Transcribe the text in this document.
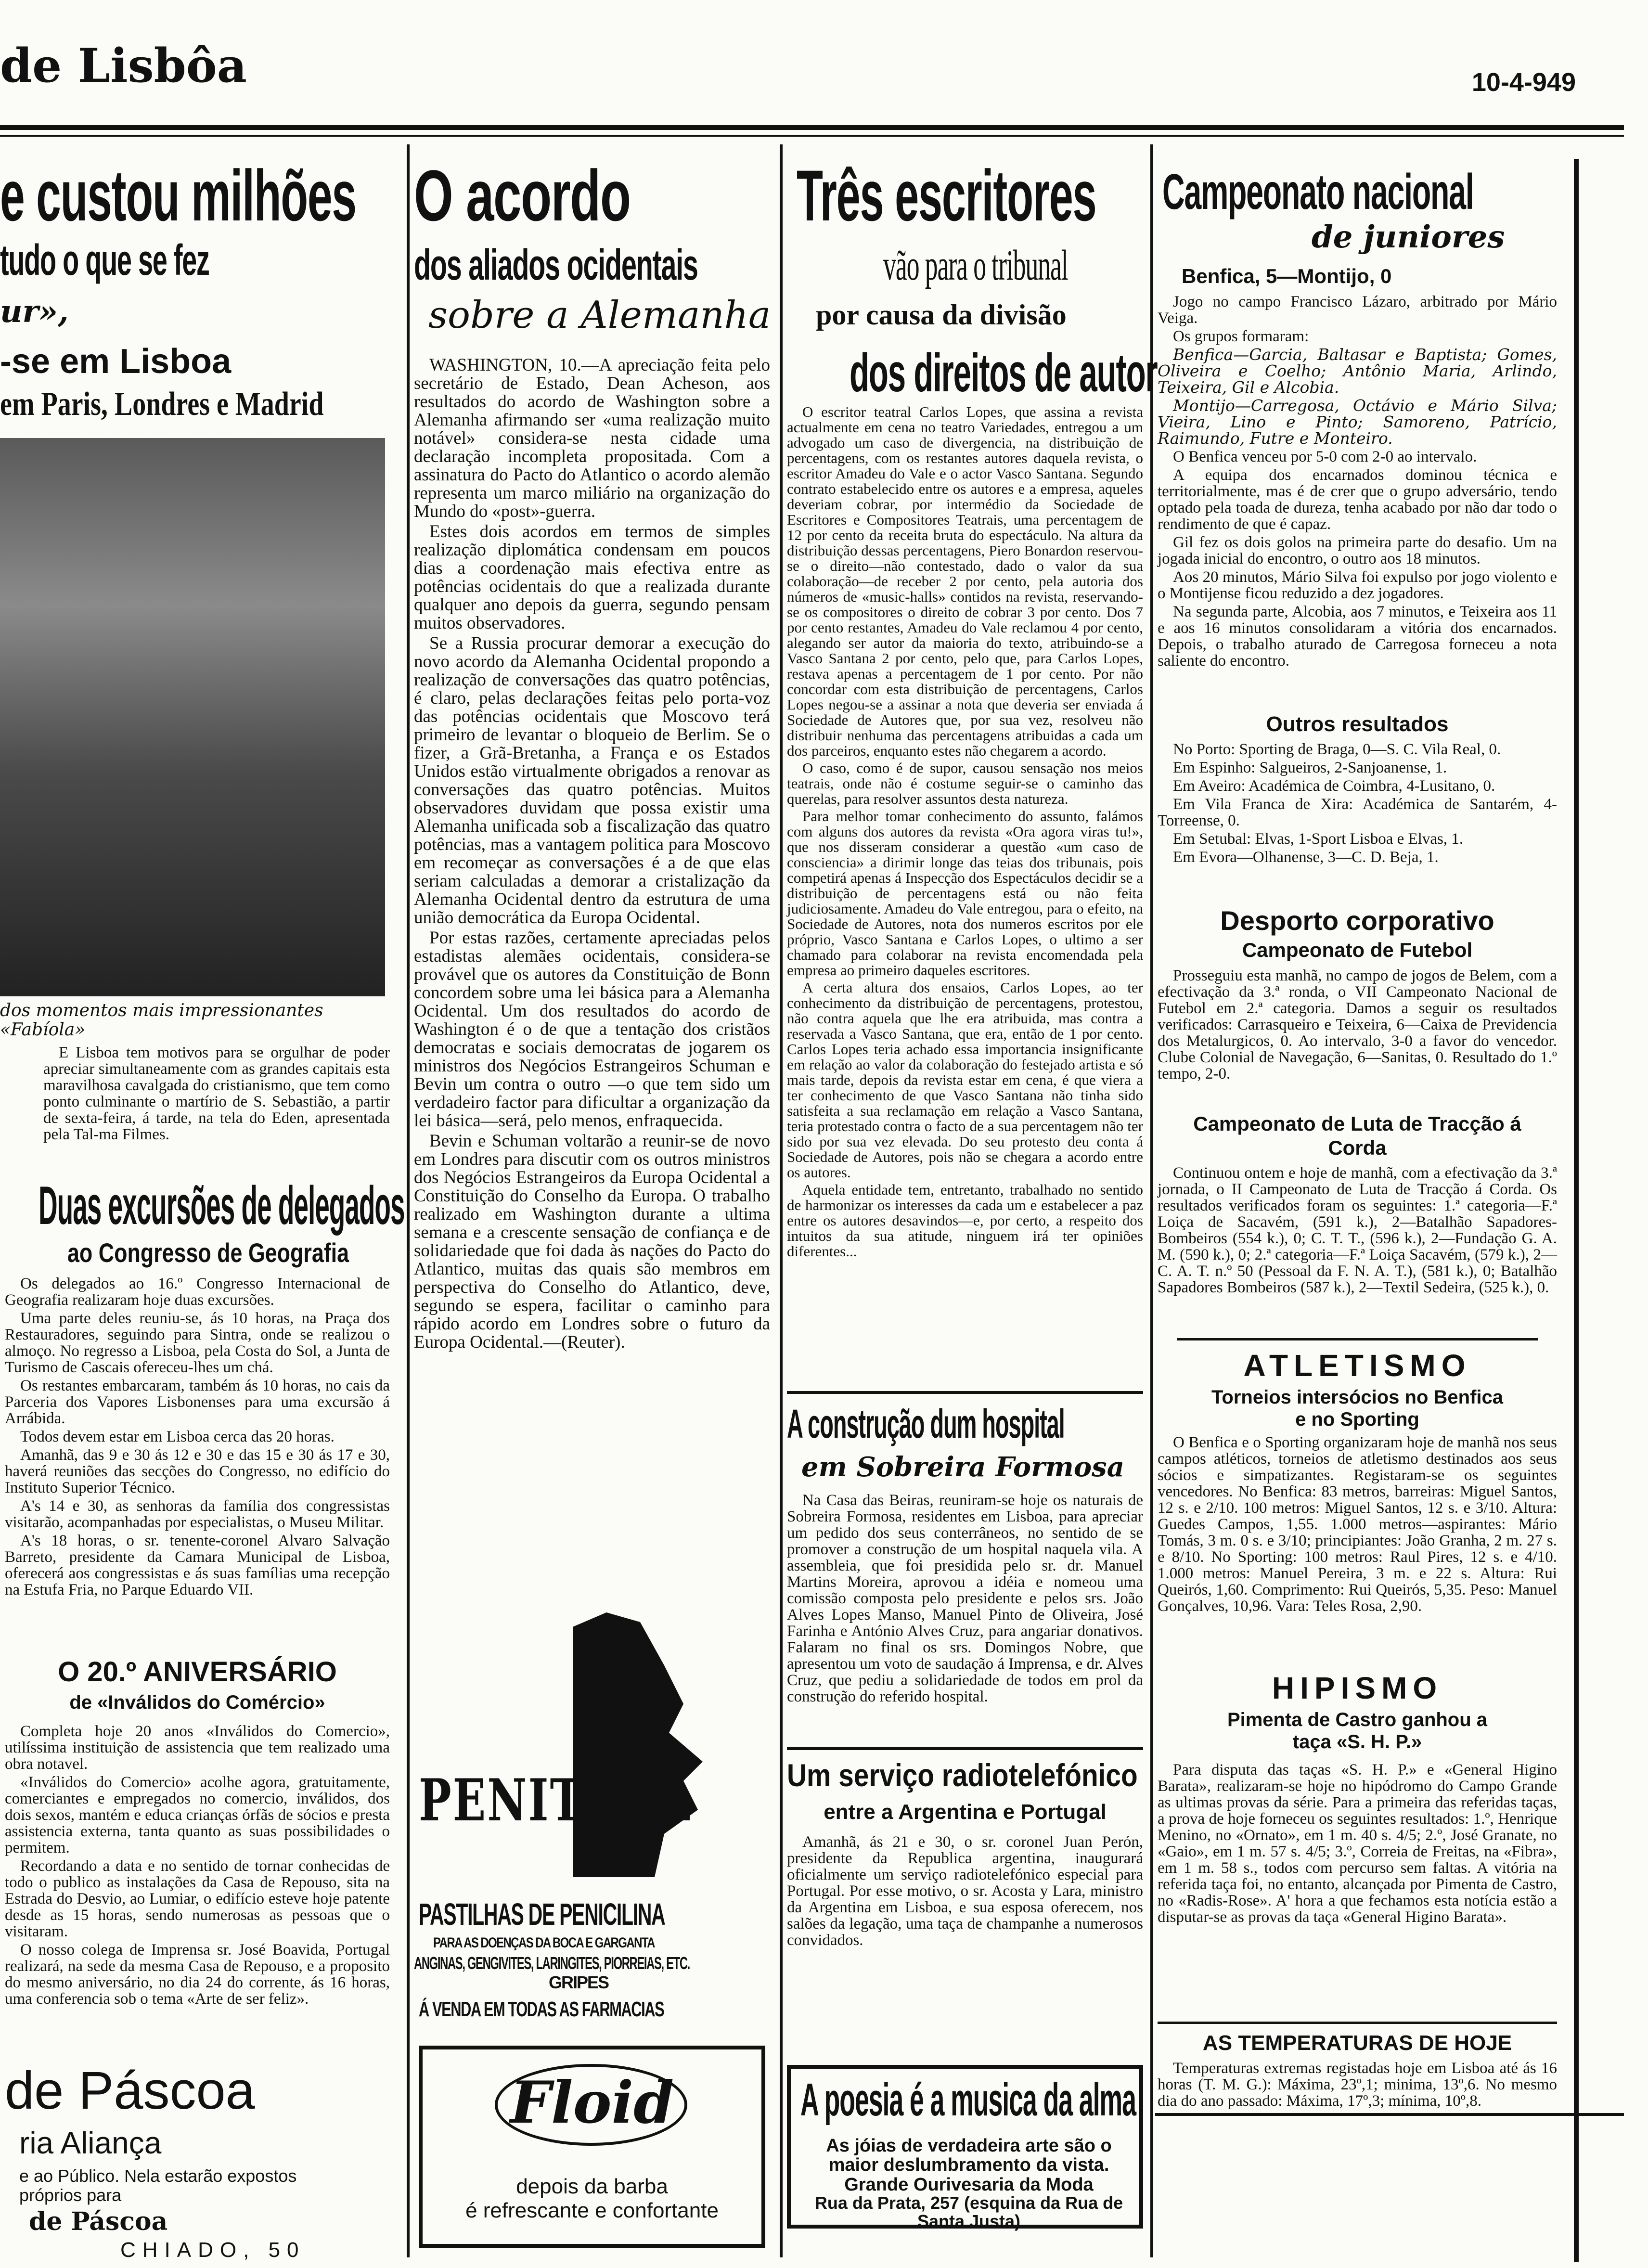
de Lisbôa	10-4-949
e custou milhões
tudo o que se fez
ur»,
-se em Lisboa
em Paris, Londres e Madrid
dos momentos mais impressionantes «Fabíola»

E Lisboa tem motivos para se orgulhar de poder apreciar simultaneamente com as grandes capitais esta maravilhosa cavalgada do cristianismo, que tem como ponto culminante o martírio de S. Sebastião, a partir de sexta-feira, á tarde, na tela do Eden, apresentada pela Tal-ma Filmes.

Duas excursões de delegados
ao Congresso de Geografia

Os delegados ao 16.º Congresso Internacional de Geografia realizaram hoje duas excursões.

Uma parte deles reuniu-se, ás 10 horas, na Praça dos Restauradores, seguindo para Sintra, onde se realizou o almoço. No regresso a Lisboa, pela Costa do Sol, a Junta de Turismo de Cascais ofereceu-lhes um chá.

Os restantes embarcaram, também ás 10 horas, no cais da Parceria dos Vapores Lisbonenses para uma excursão á Arrábida.

Todos devem estar em Lisboa cerca das 20 horas.

Amanhã, das 9 e 30 ás 12 e 30 e das 15 e 30 ás 17 e 30, haverá reuniões das secções do Congresso, no edifício do Instituto Superior Técnico.

A's 14 e 30, as senhoras da família dos congressistas visitarão, acompanhadas por especialistas, o Museu Militar.

A's 18 horas, o sr. tenente-coronel Alvaro Salvação Barreto, presidente da Camara Municipal de Lisboa, oferecerá aos congressistas e ás suas famílias uma recepção na Estufa Fria, no Parque Eduardo VII.

O 20.º ANIVERSÁRIO
de «Inválidos do Comércio»

Completa hoje 20 anos «Inválidos do Comercio», utilíssima instituição de assistencia que tem realizado uma obra notavel.

«Inválidos do Comercio» acolhe agora, gratuitamente, comerciantes e empregados no comercio, inválidos, dos dois sexos, mantém e educa crianças órfãs de sócios e presta assistencia externa, tanta quanto as suas possibilidades o permitem.

Recordando a data e no sentido de tornar conhecidas de todo o publico as instalações da Casa de Repouso, sita na Estrada do Desvio, ao Lumiar, o edifício esteve hoje patente desde as 15 horas, sendo numerosas as pessoas que o visitaram.

O nosso colega de Imprensa sr. José Boavida, Portugal realizará, na sede da mesma Casa de Repouso, e a proposito do mesmo aniversário, no dia 24 do corrente, ás 16 horas, uma conferencia sob o tema «Arte de ser feliz».

de Páscoa
ria Aliança
e ao Público. Nela estarão expostos
próprios para
de Páscoa
CHIADO, 50
O acordo
dos aliados ocidentais
sobre a Alemanha

WASHINGTON, 10.—A apreciação feita pelo secretário de Estado, Dean Acheson, aos resultados do acordo de Washington sobre a Alemanha afirmando ser «uma realização muito notável» considera-se nesta cidade uma declaração incompleta propositada. Com a assinatura do Pacto do Atlantico o acordo alemão representa um marco miliário na organização do Mundo do «post»-guerra.

Estes dois acordos em termos de simples realização diplomática condensam em poucos dias a coordenação mais efectiva entre as potências ocidentais do que a realizada durante qualquer ano depois da guerra, segundo pensam muitos observadores.

Se a Russia procurar demorar a execução do novo acordo da Alemanha Ocidental propondo a realização de conversações das quatro potências, é claro, pelas declarações feitas pelo porta-voz das potências ocidentais que Moscovo terá primeiro de levantar o bloqueio de Berlim. Se o fizer, a Grã-Bretanha, a França e os Estados Unidos estão virtualmente obrigados a renovar as conversações das quatro potências. Muitos observadores duvidam que possa existir uma Alemanha unificada sob a fiscalização das quatro potências, mas a vantagem politica para Moscovo em recomeçar as conversações é a de que elas seriam calculadas a demorar a cristalização da Alemanha Ocidental dentro da estrutura de uma união democrática da Europa Ocidental.

Por estas razões, certamente apreciadas pelos estadistas alemães ocidentais, considera-se provável que os autores da Constituição de Bonn concordem sobre uma lei básica para a Alemanha Ocidental. Um dos resultados do acordo de Washington é o de que a tentação dos cristãos democratas e sociais democratas de jogarem os ministros dos Negócios Estrangeiros Schuman e Bevin um contra o outro —o que tem sido um verdadeiro factor para dificultar a organização da lei básica—será, pelo menos, enfraquecida.

Bevin e Schuman voltarão a reunir-se de novo em Londres para discutir com os outros ministros dos Negócios Estrangeiros da Europa Ocidental a Constituição do Conselho da Europa. O trabalho realizado em Washington durante a ultima semana e a crescente sensação de confiança e de solidariedade que foi dada às nações do Pacto do Atlantico, muitas das quais são membros em perspectiva do Conselho do Atlantico, deve, segundo se espera, facilitar o caminho para rápido acordo em Londres sobre o futuro da Europa Ocidental.—(Reuter).

PENITROL
PASTILHAS DE PENICILINA
PARA AS DOENÇAS DA BOCA E GARGANTA
ANGINAS, GENGIVITES, LARINGITES, PIORREIAS, ETC.
GRIPES
Á VENDA EM TODAS AS FARMACIAS
Floid
depois da barba
é refrescante e confortante
Três escritores
vão para o tribunal
por causa da divisão
dos direitos de autor

O escritor teatral Carlos Lopes, que assina a revista actualmente em cena no teatro Variedades, entregou a um advogado um caso de divergencia, na distribuição de percentagens, com os restantes autores daquela revista, o escritor Amadeu do Vale e o actor Vasco Santana. Segundo contrato estabelecido entre os autores e a empresa, aqueles deveriam cobrar, por intermédio da Sociedade de Escritores e Compositores Teatrais, uma percentagem de 12 por cento da receita bruta do espectáculo. Na altura da distribuição dessas percentagens, Piero Bonardon reservou-se o direito—não contestado, dado o valor da sua colaboração—de receber 2 por cento, pela autoria dos números de «music-halls» contidos na revista, reservando-se os compositores o direito de cobrar 3 por cento. Dos 7 por cento restantes, Amadeu do Vale reclamou 4 por cento, alegando ser autor da maioria do texto, atribuindo-se a Vasco Santana 2 por cento, pelo que, para Carlos Lopes, restava apenas a percentagem de 1 por cento. Por não concordar com esta distribuição de percentagens, Carlos Lopes negou-se a assinar a nota que deveria ser enviada á Sociedade de Autores que, por sua vez, resolveu não distribuir nenhuma das percentagens atribuidas a cada um dos parceiros, enquanto estes não chegarem a acordo.

O caso, como é de supor, causou sensação nos meios teatrais, onde não é costume seguir-se o caminho das querelas, para resolver assuntos desta natureza.

Para melhor tomar conhecimento do assunto, falámos com alguns dos autores da revista «Ora agora viras tu!», que nos disseram considerar a questão «um caso de consciencia» a dirimir longe das teias dos tribunais, pois competirá apenas á Inspecção dos Espectáculos decidir se a distribuição de percentagens está ou não feita judiciosamente. Amadeu do Vale entregou, para o efeito, na Sociedade de Autores, nota dos numeros escritos por ele próprio, Vasco Santana e Carlos Lopes, o ultimo a ser chamado para colaborar na revista encomendada pela empresa ao primeiro daqueles escritores.

A certa altura dos ensaios, Carlos Lopes, ao ter conhecimento da distribuição de percentagens, protestou, não contra aquela que lhe era atribuida, mas contra a reservada a Vasco Santana, que era, então de 1 por cento. Carlos Lopes teria achado essa importancia insignificante em relação ao valor da colaboração do festejado artista e só mais tarde, depois da revista estar em cena, é que viera a ter conhecimento de que Vasco Santana não tinha sido satisfeita a sua reclamação em relação a Vasco Santana, teria protestado contra o facto de a sua percentagem não ter sido por sua vez elevada. Do seu protesto deu conta á Sociedade de Autores, pois não se chegara a acordo entre os autores.

Aquela entidade tem, entretanto, trabalhado no sentido de harmonizar os interesses da cada um e estabelecer a paz entre os autores desavindos—e, por certo, a respeito dos intuitos da sua atitude, ninguem irá ter opiniões diferentes...

A construção dum hospital
em Sobreira Formosa

Na Casa das Beiras, reuniram-se hoje os naturais de Sobreira Formosa, residentes em Lisboa, para apreciar um pedido dos seus conterrâneos, no sentido de se promover a construção de um hospital naquela vila. A assembleia, que foi presidida pelo sr. dr. Manuel Martins Moreira, aprovou a idéia e nomeou uma comissão composta pelo presidente e pelos srs. João Alves Lopes Manso, Manuel Pinto de Oliveira, José Farinha e António Alves Cruz, para angariar donativos. Falaram no final os srs. Domingos Nobre, que apresentou um voto de saudação á Imprensa, e dr. Alves Cruz, que pediu a solidariedade de todos em prol da construção do referido hospital.

Um serviço radiotelefónico
entre a Argentina e Portugal

Amanhã, ás 21 e 30, o sr. coronel Juan Perón, presidente da Republica argentina, inaugurará oficialmente um serviço radiotelefónico especial para Portugal. Por esse motivo, o sr. Acosta y Lara, ministro da Argentina em Lisboa, e sua esposa oferecem, nos salões da legação, uma taça de champanhe a numerosos convidados.

A poesia é a musica da alma
As jóias de verdadeira arte são o maior deslumbramento da vista.
Grande Ourivesaria da Moda
Rua da Prata, 257 (esquina da Rua de Santa Justa)
Campeonato nacional
de juniores
Benfica, 5—Montijo, 0

Jogo no campo Francisco Lázaro, arbitrado por Mário Veiga.

Os grupos formaram:

Benfica—Garcia, Baltasar e Baptista; Gomes, Oliveira e Coelho; Antônio Maria, Arlindo, Teixeira, Gil e Alcobia.

Montijo—Carregosa, Octávio e Mário Silva; Vieira, Lino e Pinto; Samoreno, Patrício, Raimundo, Futre e Monteiro.

O Benfica venceu por 5-0 com 2-0 ao intervalo.

A equipa dos encarnados dominou técnica e territorialmente, mas é de crer que o grupo adversário, tendo optado pela toada de dureza, tenha acabado por não dar todo o rendimento de que é capaz.

Gil fez os dois golos na primeira parte do desafio. Um na jogada inicial do encontro, o outro aos 18 minutos.

Aos 20 minutos, Mário Silva foi expulso por jogo violento e o Montijense ficou reduzido a dez jogadores.

Na segunda parte, Alcobia, aos 7 minutos, e Teixeira aos 11 e aos 16 minutos consolidaram a vitória dos encarnados. Depois, o trabalho aturado de Carregosa forneceu a nota saliente do encontro.

Outros resultados

No Porto: Sporting de Braga, 0—S. C. Vila Real, 0.

Em Espinho: Salgueiros, 2-Sanjoanense, 1.

Em Aveiro: Académica de Coimbra, 4-Lusitano, 0.

Em Vila Franca de Xira: Académica de Santarém, 4-Torreense, 0.

Em Setubal: Elvas, 1-Sport Lisboa e Elvas, 1.

Em Evora—Olhanense, 3—C. D. Beja, 1.

Desporto corporativo
Campeonato de Futebol

Prosseguiu esta manhã, no campo de jogos de Belem, com a efectivação da 3.ª ronda, o VII Campeonato Nacional de Futebol em 2.ª categoria. Damos a seguir os resultados verificados: Carrasqueiro e Teixeira, 6—Caixa de Previdencia dos Metalurgicos, 0. Ao intervalo, 3-0 a favor do vencedor. Clube Colonial de Navegação, 6—Sanitas, 0. Resultado do 1.º tempo, 2-0.

Campeonato de Luta de Tracção á Corda

Continuou ontem e hoje de manhã, com a efectivação da 3.ª jornada, o II Campeonato de Luta de Tracção á Corda. Os resultados verificados foram os seguintes: 1.ª categoria—F.ª Loiça de Sacavém, (591 k.), 2—Batalhão Sapadores-Bombeiros (554 k.), 0; C. T. T., (596 k.), 2—Fundação G. A. M. (590 k.), 0; 2.ª categoria—F.ª Loiça Sacavém, (579 k.), 2—C. A. T. n.º 50 (Pessoal da F. N. A. T.), (581 k.), 0; Batalhão Sapadores Bombeiros (587 k.), 2—Textil Sedeira, (525 k.), 0.

ATLETISMO
Torneios intersócios no Benfica e no Sporting

O Benfica e o Sporting organizaram hoje de manhã nos seus campos atléticos, torneios de atletismo destinados aos seus sócios e simpatizantes. Registaram-se os seguintes vencedores. No Benfica: 83 metros, barreiras: Miguel Santos, 12 s. e 2/10. 100 metros: Miguel Santos, 12 s. e 3/10. Altura: Guedes Campos, 1,55. 1.000 metros—aspirantes: Mário Tomás, 3 m. 0 s. e 3/10; principiantes: João Granha, 2 m. 27 s. e 8/10. No Sporting: 100 metros: Raul Pires, 12 s. e 4/10. 1.000 metros: Manuel Pereira, 3 m. e 22 s. Altura: Rui Queirós, 1,60. Comprimento: Rui Queirós, 5,35. Peso: Manuel Gonçalves, 10,96. Vara: Teles Rosa, 2,90.

HIPISMO
Pimenta de Castro ganhou a taça «S. H. P.»

Para disputa das taças «S. H. P.» e «General Higino Barata», realizaram-se hoje no hipódromo do Campo Grande as ultimas provas da série. Para a primeira das referidas taças, a prova de hoje forneceu os seguintes resultados: 1.º, Henrique Menino, no «Ornato», em 1 m. 40 s. 4/5; 2.º, José Granate, no «Gaio», em 1 m. 57 s. 4/5; 3.º, Correia de Freitas, na «Fibra», em 1 m. 58 s., todos com percurso sem faltas. A vitória na referida taça foi, no entanto, alcançada por Pimenta de Castro, no «Radis-Rose». A' hora a que fechamos esta notícia estão a disputar-se as provas da taça «General Higino Barata».

AS TEMPERATURAS DE HOJE

Temperaturas extremas registadas hoje em Lisboa até ás 16 horas (T. M. G.): Máxima, 23º,1; minima, 13º,6. No mesmo dia do ano passado: Máxima, 17º,3; mínima, 10º,8.
